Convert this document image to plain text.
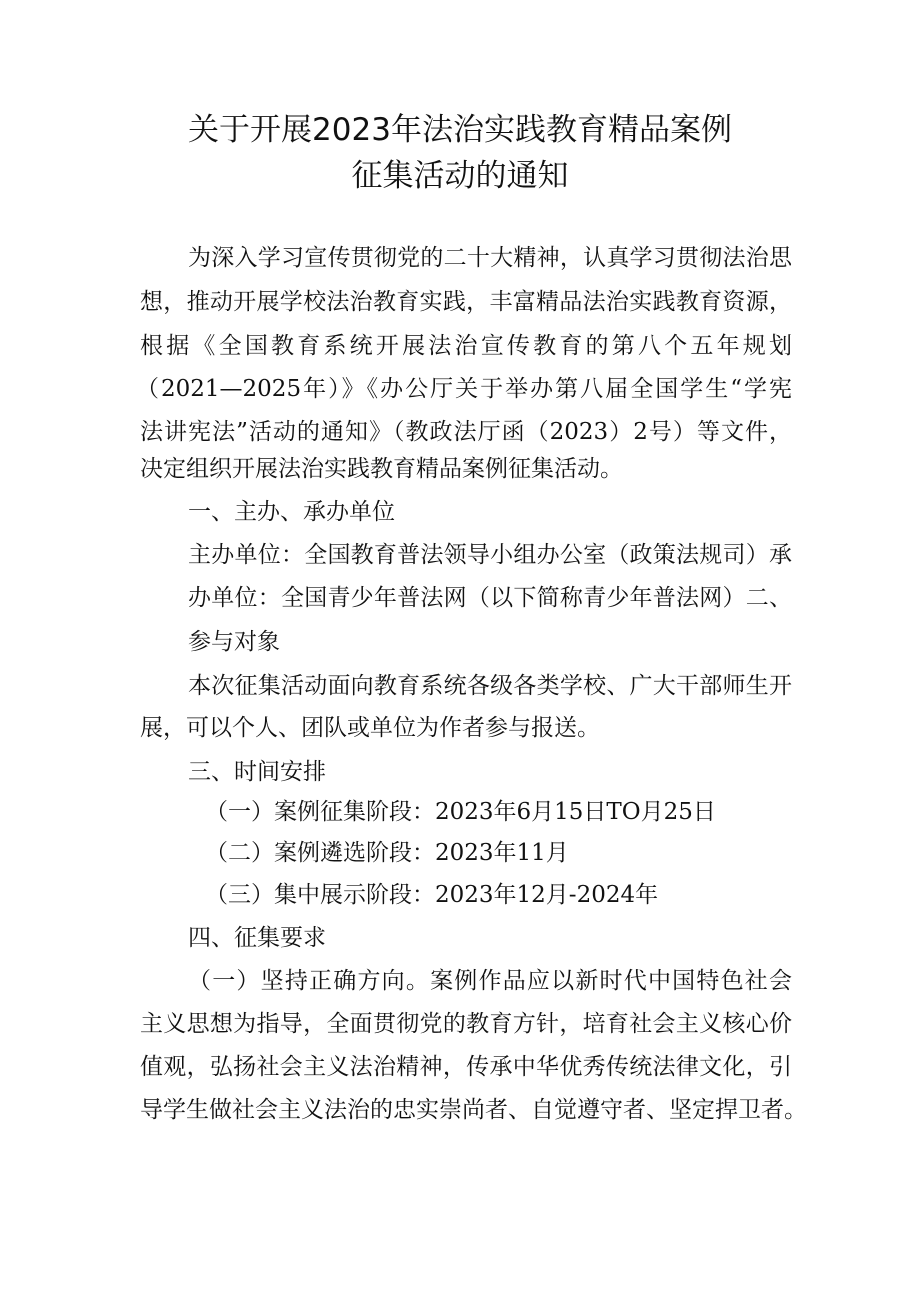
关于开展2023年法治实践教育精品案例
征集活动的通知
为深入学习宣传贯彻党的二十大精神，认真学习贯彻法治思
想，推动开展学校法治教育实践，丰富精品法治实践教育资源，
根据《全国教育系统开展法治宣传教育的第八个五年规划
（2021—2025年）》《办公厅关于举办第八届全国学生“学宪
法讲宪法”活动的通知》（教政法厅函（2023）2号）等文件，
决定组织开展法治实践教育精品案例征集活动。
一、主办、承办单位
主办单位：全国教育普法领导小组办公室（政策法规司）承
办单位：全国青少年普法网（以下简称青少年普法网）二、
参与对象
本次征集活动面向教育系统各级各类学校、广大干部师生开
展，可以个人、团队或单位为作者参与报送。
三、时间安排
（一）案例征集阶段：2023年6月15日TO月25日
（二）案例遴选阶段：2023年11月
（三）集中展示阶段：2023年12月-2024年
四、征集要求
（一）坚持正确方向。案例作品应以新时代中国特色社会
主义思想为指导，全面贯彻党的教育方针，培育社会主义核心价
值观，弘扬社会主义法治精神，传承中华优秀传统法律文化，引
导学生做社会主义法治的忠实崇尚者、自觉遵守者、坚定捍卫者。
